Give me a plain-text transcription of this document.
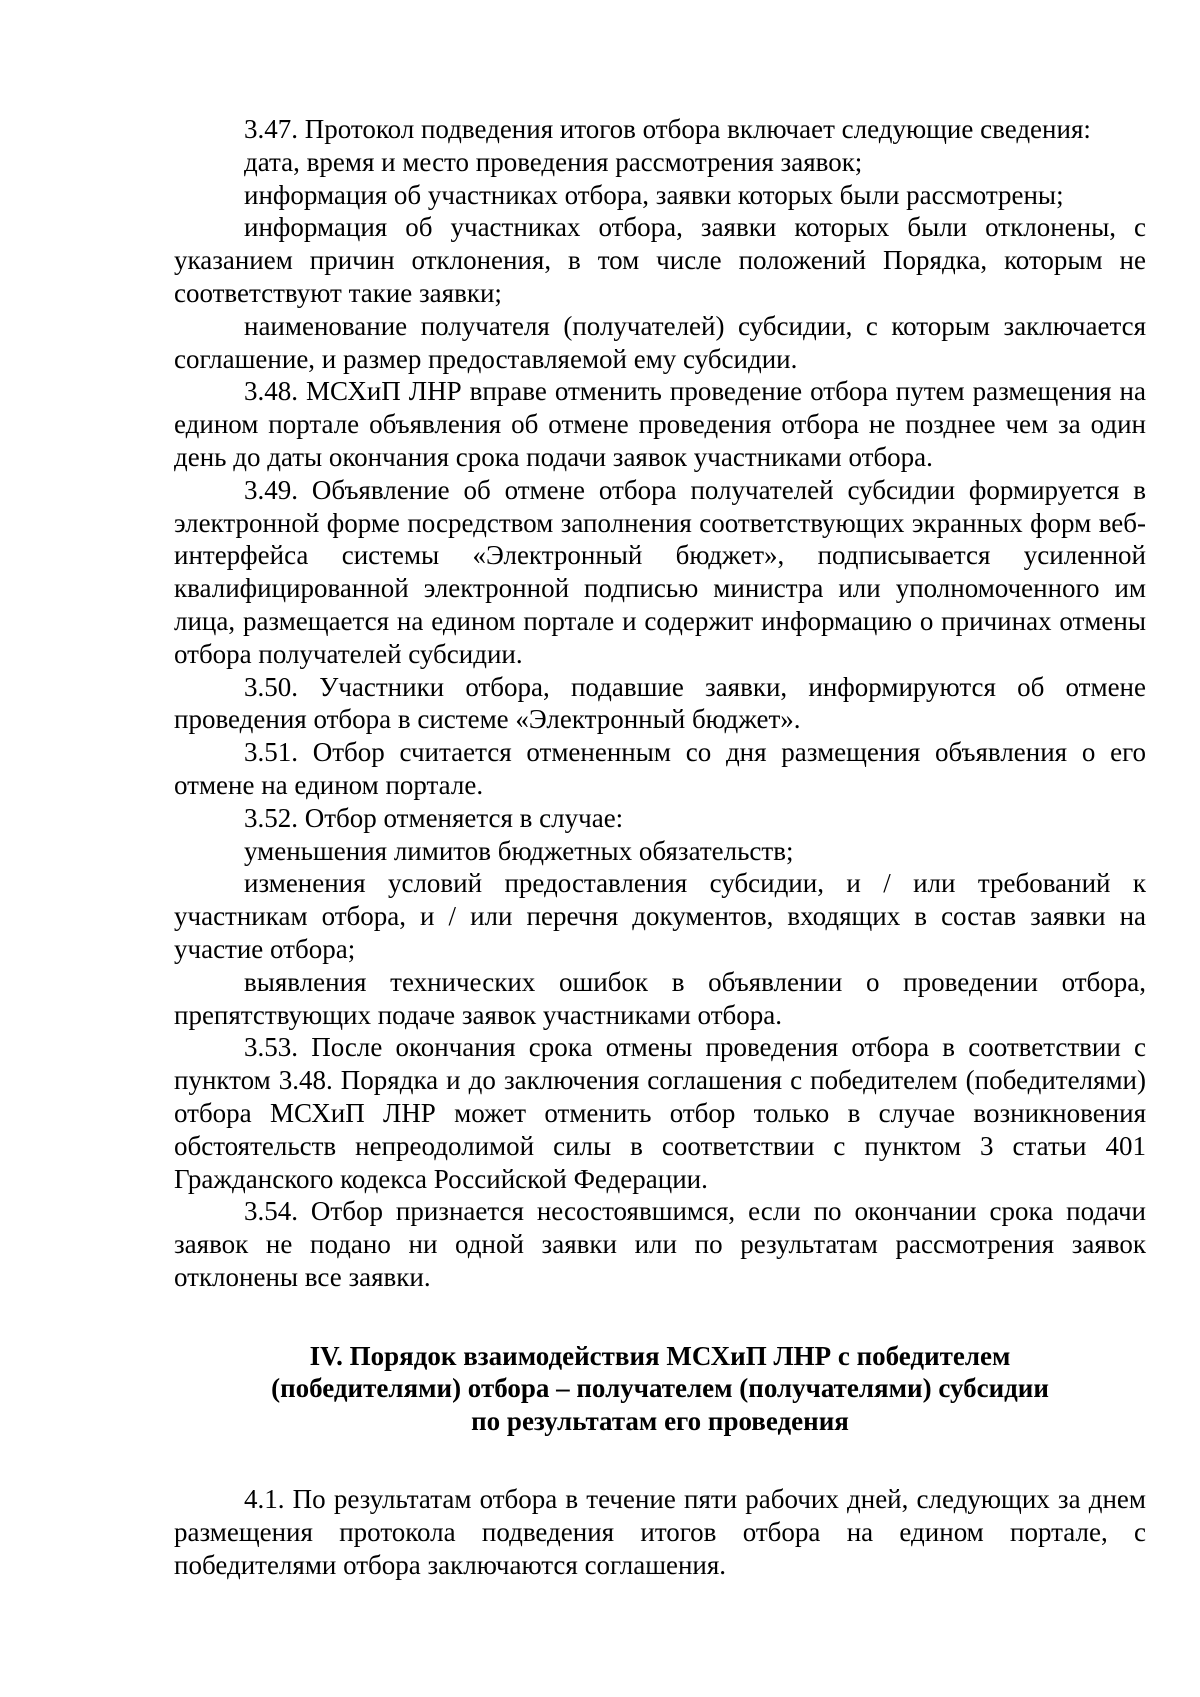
3.47. Протокол подведения итогов отбора включает следующие сведения:

дата, время и место проведения рассмотрения заявок;

информация об участниках отбора, заявки которых были рассмотрены;

информация об участниках отбора, заявки которых были отклонены, с указанием причин отклонения, в том числе положений Порядка, которым не соответствуют такие заявки;

наименование получателя (получателей) субсидии, с которым заключается соглашение, и размер предоставляемой ему субсидии.

3.48. МСХиП ЛНР вправе отменить проведение отбора путем размещения на едином портале объявления об отмене проведения отбора не позднее чем за один день до даты окончания срока подачи заявок участниками отбора.

3.49. Объявление об отмене отбора получателей субсидии формируется в электронной форме посредством заполнения соответствующих экранных форм веб-интерфейса системы «Электронный бюджет», подписывается усиленной квалифицированной электронной подписью министра или уполномоченного им лица, размещается на едином портале и содержит информацию о причинах отмены отбора получателей субсидии.

3.50. Участники отбора, подавшие заявки, информируются об отмене проведения отбора в системе «Электронный бюджет».

3.51. Отбор считается отмененным со дня размещения объявления о его отмене на едином портале.

3.52. Отбор отменяется в случае:

уменьшения лимитов бюджетных обязательств;

изменения условий предоставления субсидии, и / или требований к участникам отбора, и / или перечня документов, входящих в состав заявки на участие отбора;

выявления технических ошибок в объявлении о проведении отбора, препятствующих подаче заявок участниками отбора.

3.53. После окончания срока отмены проведения отбора в соответствии с пунктом 3.48. Порядка и до заключения соглашения с победителем (победителями) отбора МСХиП ЛНР может отменить отбор только в случае возникновения обстоятельств непреодолимой силы в соответствии с пунктом 3 статьи 401 Гражданского кодекса Российской Федерации.

3.54. Отбор признается несостоявшимся, если по окончании срока подачи заявок не подано ни одной заявки или по результатам рассмотрения заявок отклонены все заявки.

IV. Порядок взаимодействия МСХиП ЛНР с победителем
(победителями) отбора – получателем (получателями) субсидии
по результатам его проведения

4.1. По результатам отбора в течение пяти рабочих дней, следующих за днем размещения протокола подведения итогов отбора на едином портале, с победителями отбора заключаются соглашения.
